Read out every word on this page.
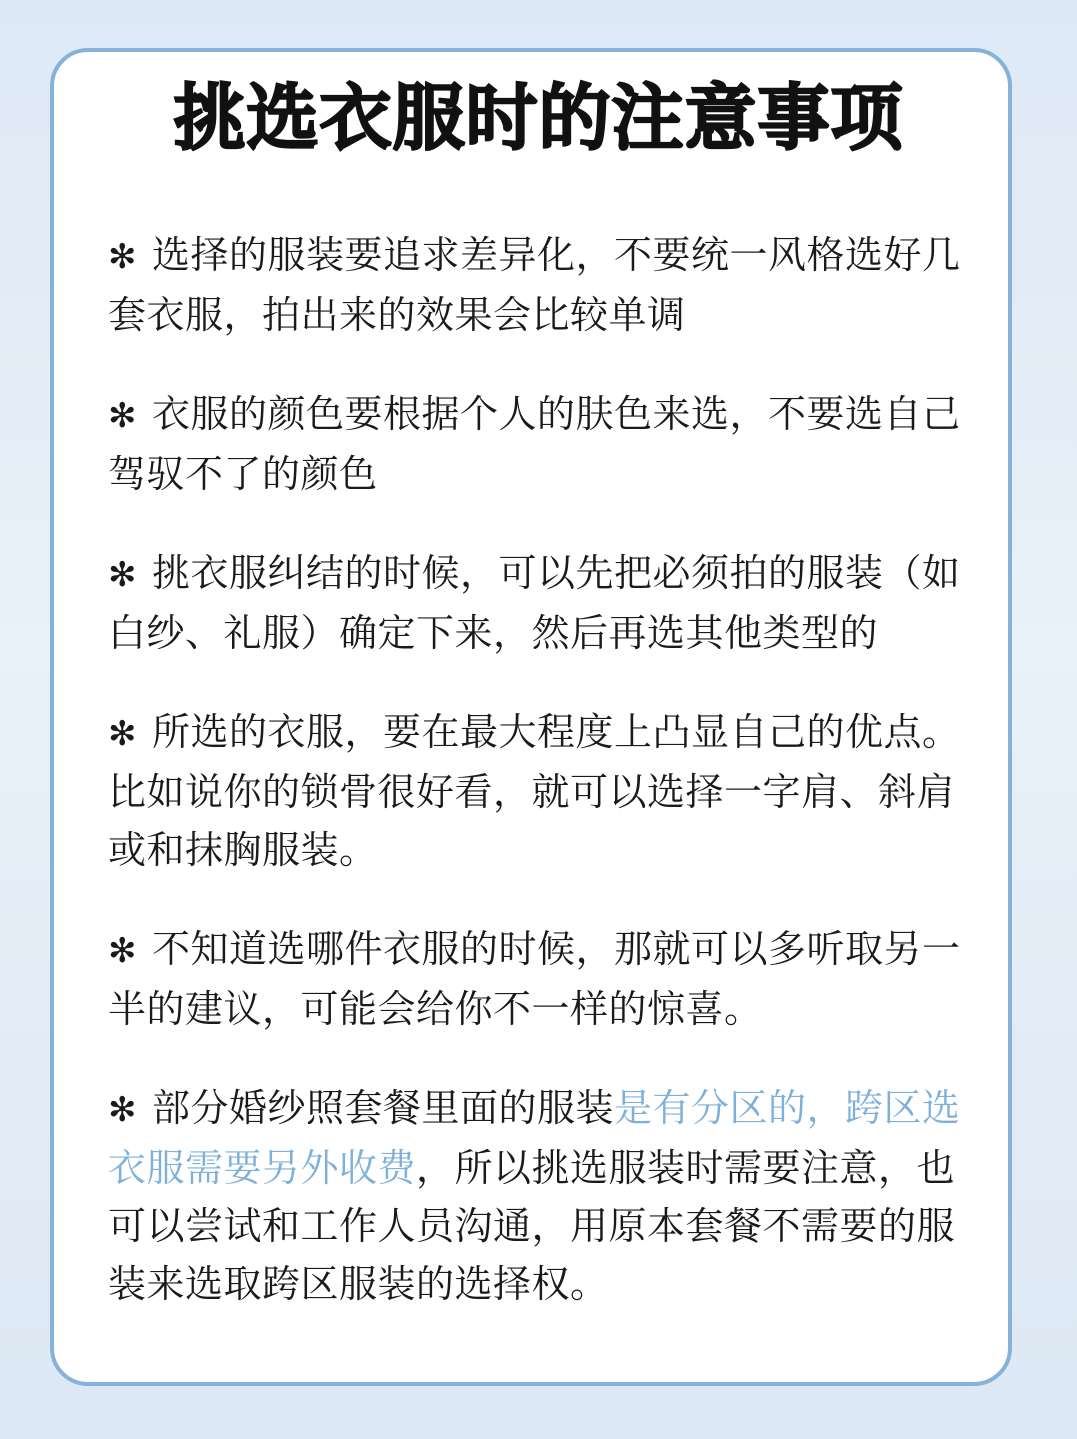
挑选衣服时的注意事项

✻ 选择的服装要追求差异化，不要统一风格选好几套衣服，拍出来的效果会比较单调

✻ 衣服的颜色要根据个人的肤色来选，不要选自己驾驭不了的颜色

✻ 挑衣服纠结的时候，可以先把必须拍的服装（如白纱、礼服）确定下来，然后再选其他类型的

✻ 所选的衣服，要在最大程度上凸显自己的优点。比如说你的锁骨很好看，就可以选择一字肩、斜肩或和抹胸服装。

✻ 不知道选哪件衣服的时候，那就可以多听取另一半的建议，可能会给你不一样的惊喜。

✻ 部分婚纱照套餐里面的服装是有分区的，跨区选衣服需要另外收费，所以挑选服装时需要注意，也可以尝试和工作人员沟通，用原本套餐不需要的服装来选取跨区服装的选择权。
